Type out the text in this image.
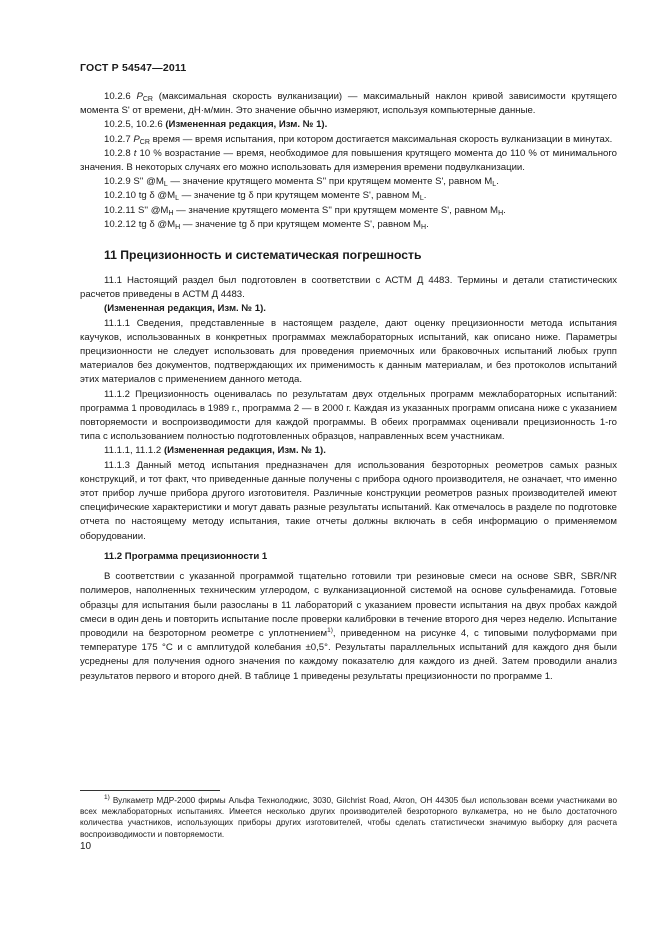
ГОСТ Р 54547—2011

10.2.6 $P_{CR}$ (максимальная скорость вулканизации) — максимальный наклон кривой зависимости крутящего момента S' от времени, дН·м/мин. Это значение обычно измеряют, используя компьютерные данные.

10.2.5, 10.2.6 (Измененная редакция, Изм. № 1).

10.2.7 $P_{CR}$ время — время испытания, при котором достигается максимальная скорость вулканизации в минутах.

10.2.8 t 10 % возрастание — время, необходимое для повышения крутящего момента до 110 % от минимального значения. В некоторых случаях его можно использовать для измерения времени подвулканизации.

10.2.9 S'' $@M_L$ — значение крутящего момента S'' при крутящем моменте S', равном $M_L$.

10.2.10 tg δ $@M_L$ — значение tg δ при крутящем моменте S', равном $M_L$.

10.2.11 S'' $@M_H$ — значение крутящего момента S'' при крутящем моменте S', равном $M_H$.

10.2.12 tg δ $@M_H$ — значение tg δ при крутящем моменте S', равном $M_H$.

11 Прецизионность и систематическая погрешность

11.1 Настоящий раздел был подготовлен в соответствии с АСТМ Д 4483. Термины и детали статистических расчетов приведены в АСТМ Д 4483.

(Измененная редакция, Изм. № 1).

11.1.1 Сведения, представленные в настоящем разделе, дают оценку прецизионности метода испытания каучуков, использованных в конкретных программах межлабораторных испытаний, как описано ниже. Параметры прецизионности не следует использовать для проведения приемочных или браковочных испытаний любых групп материалов без документов, подтверждающих их применимость к данным материалам, и без протоколов испытаний этих материалов с применением данного метода.

11.1.2 Прецизионность оценивалась по результатам двух отдельных программ межлабораторных испытаний: программа 1 проводилась в 1989 г., программа 2 — в 2000 г. Каждая из указанных программ описана ниже с указанием повторяемости и воспроизводимости для каждой программы. В обеих программах оценивали прецизионность 1-го типа с использованием полностью подготовленных образцов, направленных всем участникам.

11.1.1, 11.1.2 (Измененная редакция, Изм. № 1).

11.1.3 Данный метод испытания предназначен для использования безроторных реометров самых разных конструкций, и тот факт, что приведенные данные получены с прибора одного производителя, не означает, что именно этот прибор лучше прибора другого изготовителя. Различные конструкции реометров разных производителей имеют специфические характеристики и могут давать разные результаты испытаний. Как отмечалось в разделе по подготовке отчета по настоящему методу испытания, такие отчеты должны включать в себя информацию о применяемом оборудовании.

11.2 Программа прецизионности 1

В соответствии с указанной программой тщательно готовили три резиновые смеси на основе SBR, SBR/NR полимеров, наполненных техническим углеродом, с вулканизационной системой на основе сульфенамида. Готовые образцы для испытания были разосланы в 11 лабораторий с указанием провести испытания на двух пробах каждой смеси в один день и повторить испытание после проверки калибровки в течение второго дня через неделю. Испытание проводили на безроторном реометре с уплотнением$^{1)}$, приведенном на рисунке 4, с типовыми полуформами при температуре 175 °С и с амплитудой колебания ±0,5°. Результаты параллельных испытаний для каждого дня были усреднены для получения одного значения по каждому показателю для каждого из дней. Затем проводили анализ результатов первого и второго дней. В таблице 1 приведены результаты прецизионности по программе 1.

$^{1)}$ Вулкаметр МДР-2000 фирмы Альфа Технолоджис, 3030, Gilchrist Road, Akron, OH 44305 был использован всеми участниками во всех межлабораторных испытаниях. Имеется несколько других производителей безроторного вулкаметра, но не было достаточного количества участников, использующих приборы других изготовителей, чтобы сделать статистически значимую выборку для расчета воспроизводимости и повторяемости.

10
